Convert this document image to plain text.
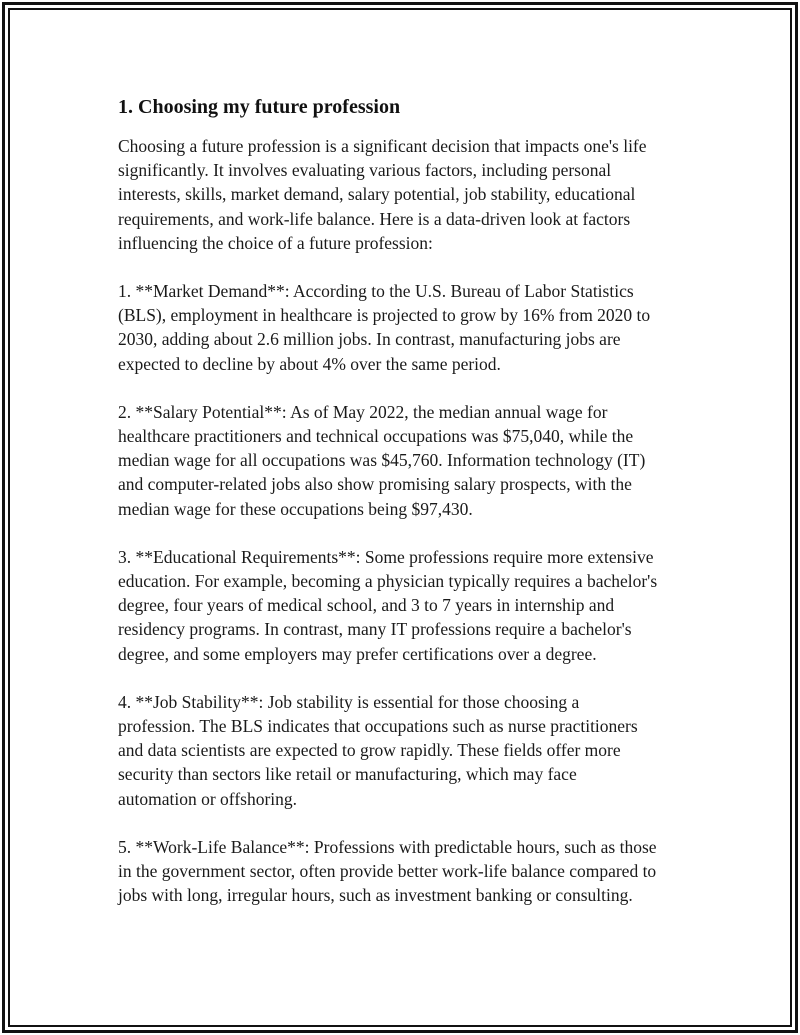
1. Choosing my future profession

Choosing a future profession is a significant decision that impacts one's life
significantly. It involves evaluating various factors, including personal
interests, skills, market demand, salary potential, job stability, educational
requirements, and work-life balance. Here is a data-driven look at factors
influencing the choice of a future profession:

1. **Market Demand**: According to the U.S. Bureau of Labor Statistics
(BLS), employment in healthcare is projected to grow by 16% from 2020 to
2030, adding about 2.6 million jobs. In contrast, manufacturing jobs are
expected to decline by about 4% over the same period.

2. **Salary Potential**: As of May 2022, the median annual wage for
healthcare practitioners and technical occupations was $75,040, while the
median wage for all occupations was $45,760. Information technology (IT)
and computer-related jobs also show promising salary prospects, with the
median wage for these occupations being $97,430.

3. **Educational Requirements**: Some professions require more extensive
education. For example, becoming a physician typically requires a bachelor's
degree, four years of medical school, and 3 to 7 years in internship and
residency programs. In contrast, many IT professions require a bachelor's
degree, and some employers may prefer certifications over a degree.

4. **Job Stability**: Job stability is essential for those choosing a
profession. The BLS indicates that occupations such as nurse practitioners
and data scientists are expected to grow rapidly. These fields offer more
security than sectors like retail or manufacturing, which may face
automation or offshoring.

5. **Work-Life Balance**: Professions with predictable hours, such as those
in the government sector, often provide better work-life balance compared to
jobs with long, irregular hours, such as investment banking or consulting.
